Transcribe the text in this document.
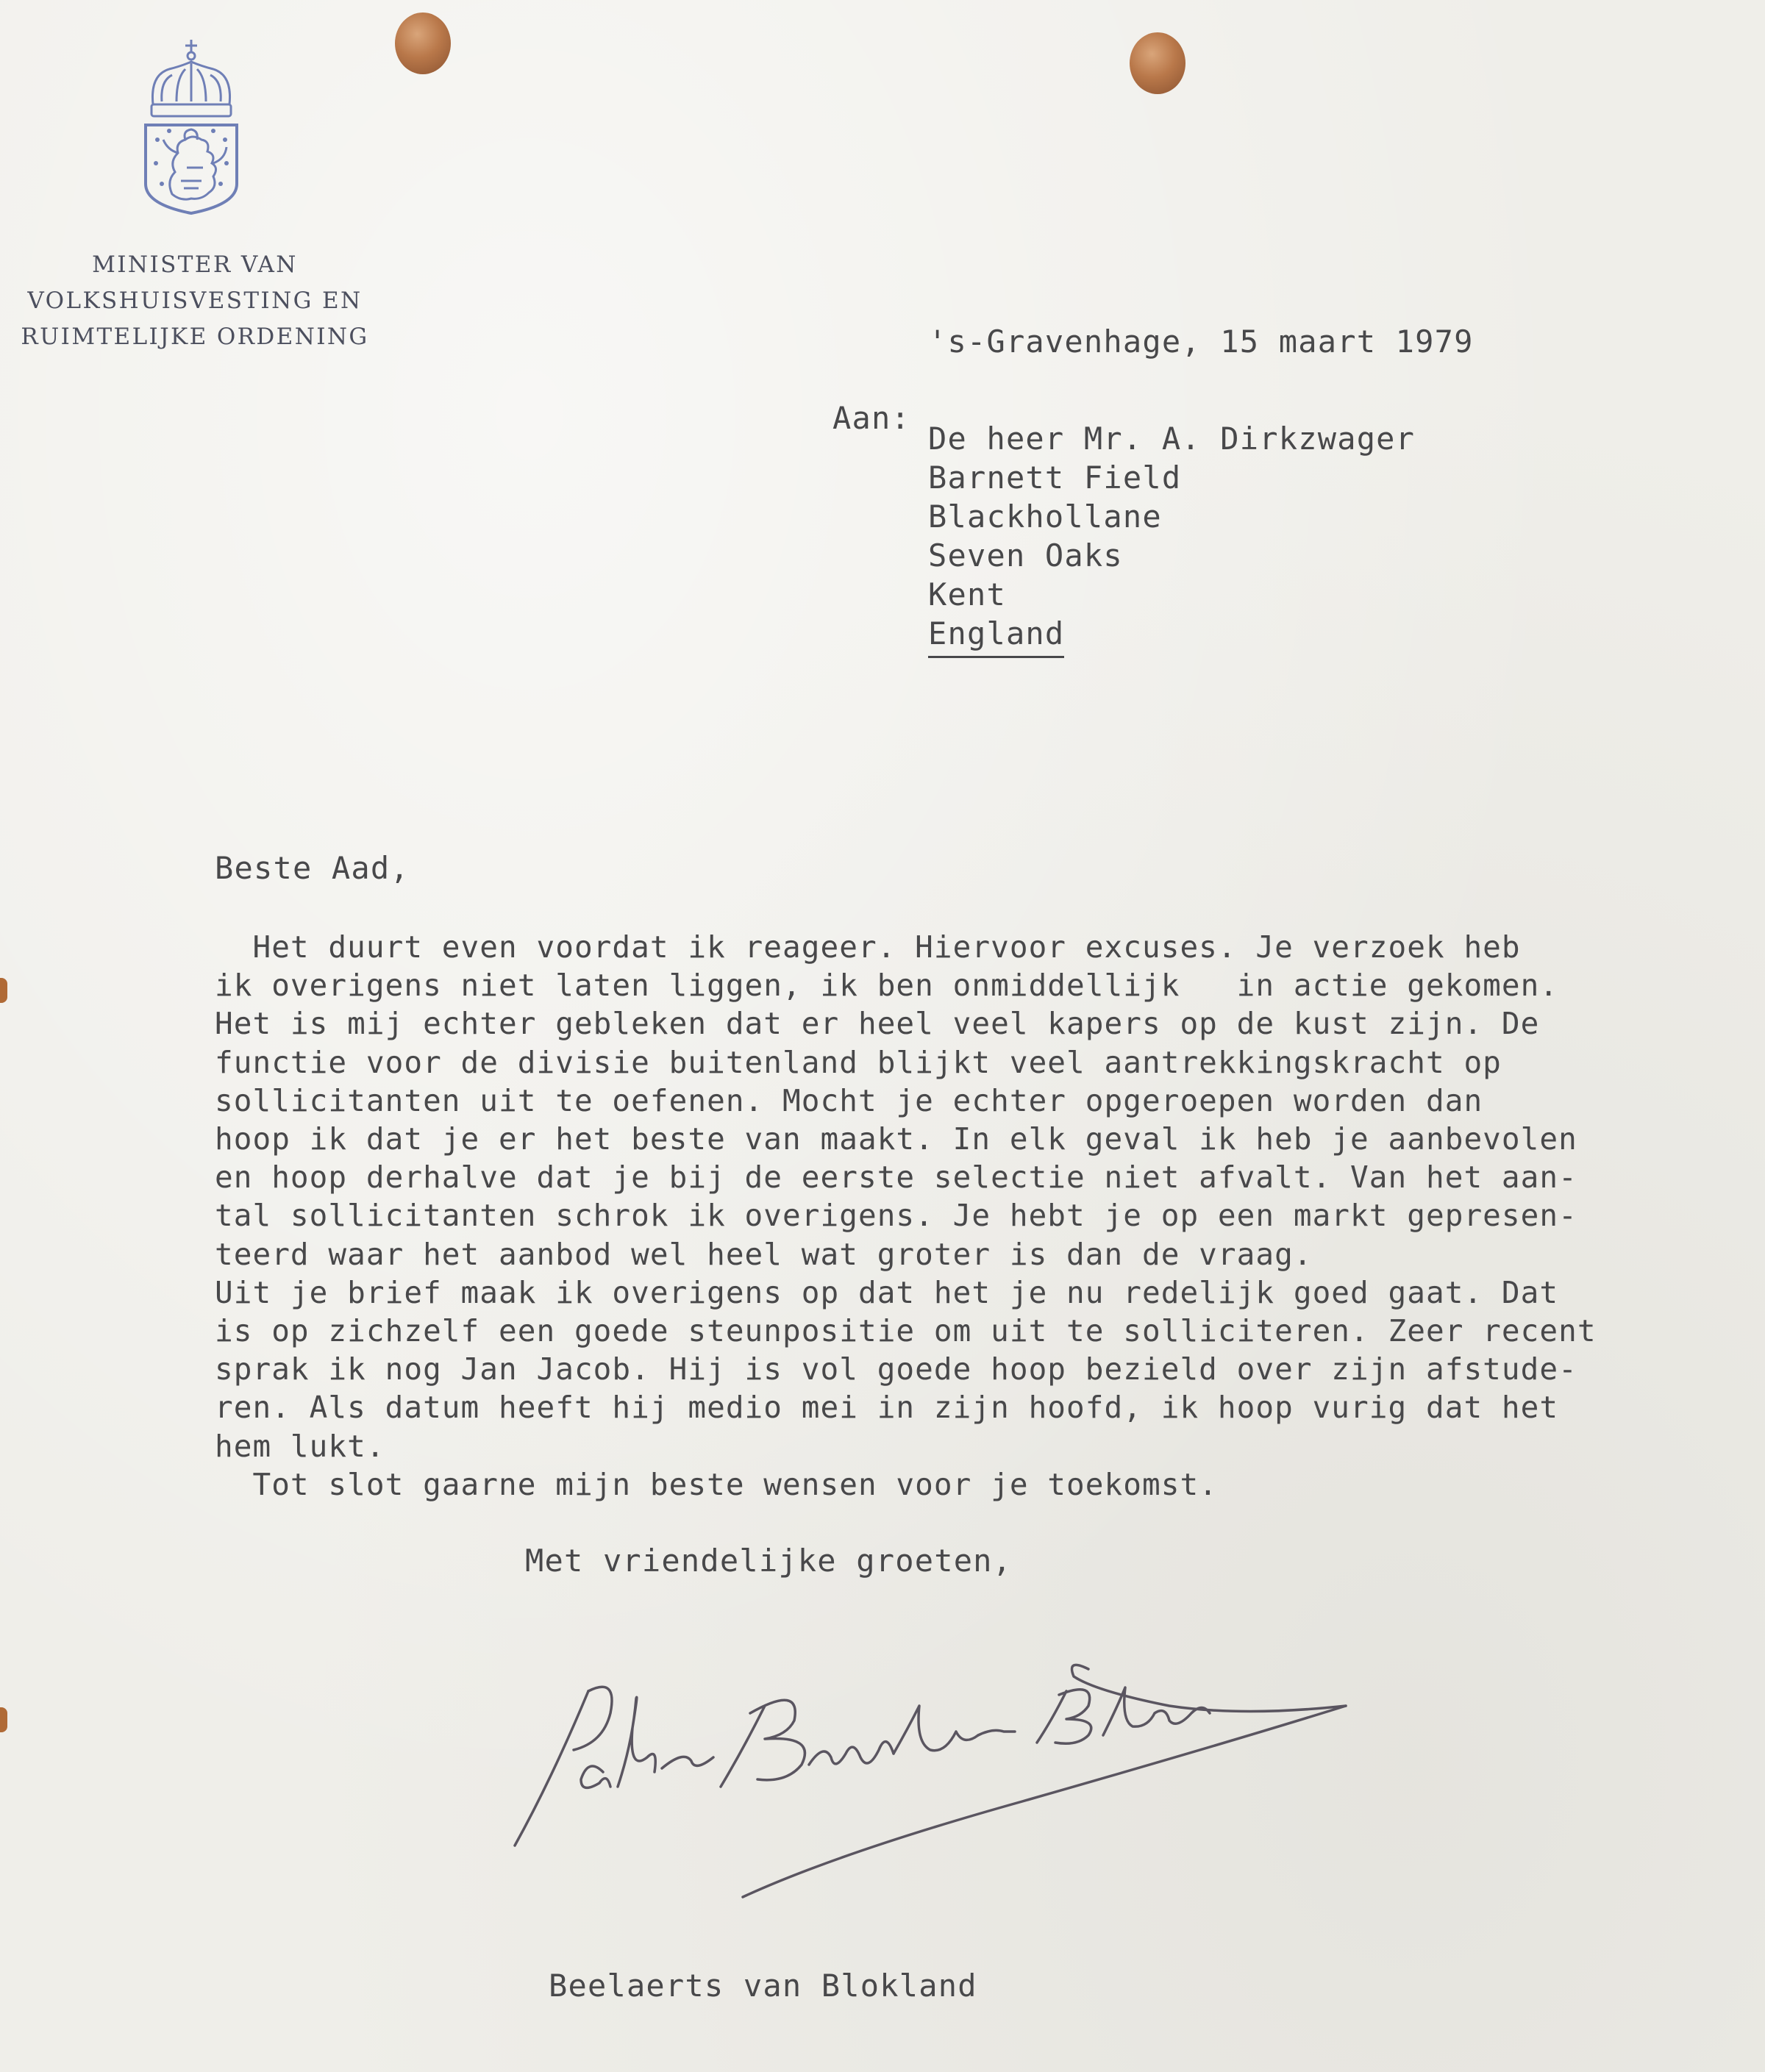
MINISTER VAN
VOLKSHUISVESTING EN
RUIMTELIJKE ORDENING	's-Gravenhage, 15 maart 1979
Aan:
De heer Mr. A. Dirkzwager
Barnett Field
Blackhollane
Seven Oaks
Kent
England
Beste Aad,
Het duurt even voordat ik reageer. Hiervoor excuses. Je verzoek heb
ik overigens niet laten liggen, ik ben onmiddellijk   in actie gekomen.
Het is mij echter gebleken dat er heel veel kapers op de kust zijn. De
functie voor de divisie buitenland blijkt veel aantrekkingskracht op
sollicitanten uit te oefenen. Mocht je echter opgeroepen worden dan
hoop ik dat je er het beste van maakt. In elk geval ik heb je aanbevolen
en hoop derhalve dat je bij de eerste selectie niet afvalt. Van het aan-
tal sollicitanten schrok ik overigens. Je hebt je op een markt gepresen-
teerd waar het aanbod wel heel wat groter is dan de vraag.
Uit je brief maak ik overigens op dat het je nu redelijk goed gaat. Dat
is op zichzelf een goede steunpositie om uit te solliciteren. Zeer recent
sprak ik nog Jan Jacob. Hij is vol goede hoop bezield over zijn afstude-
ren. Als datum heeft hij medio mei in zijn hoofd, ik hoop vurig dat het
hem lukt.
Tot slot gaarne mijn beste wensen voor je toekomst.
Met vriendelijke groeten,
Beelaerts van Blokland
